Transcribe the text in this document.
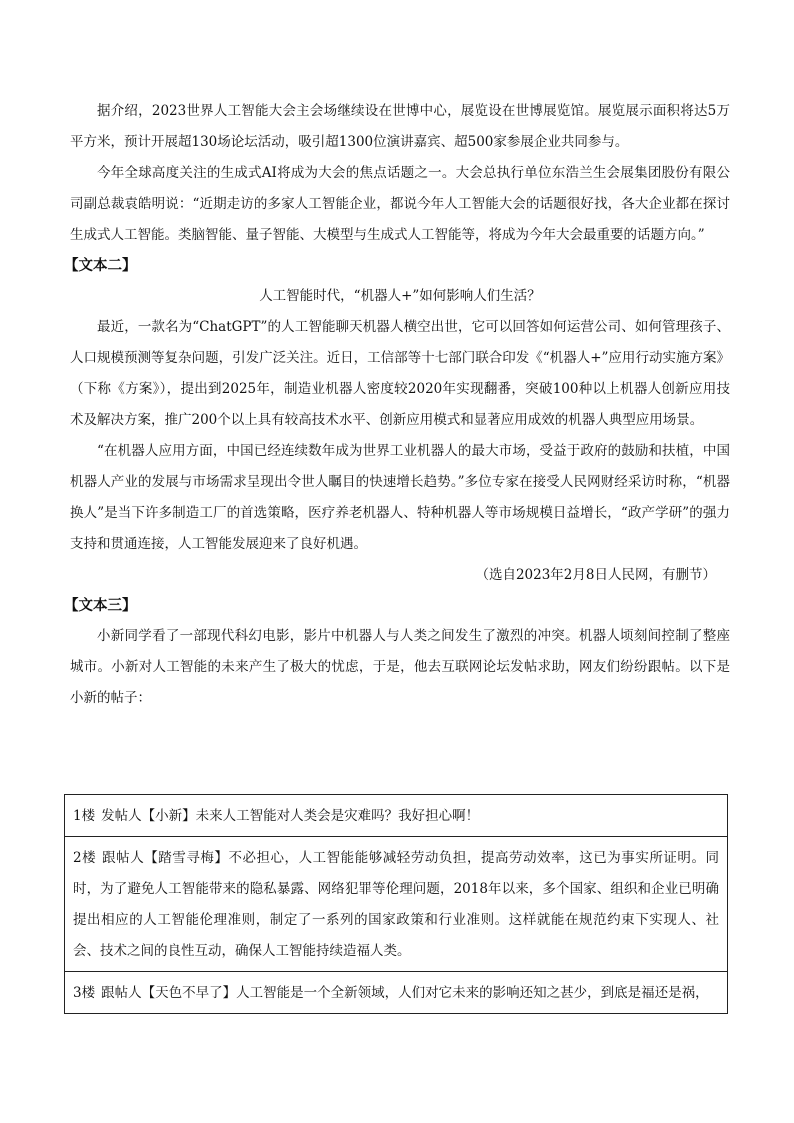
据介绍，2023世界人工智能大会主会场继续设在世博中心，展览设在世博展览馆。展览展示面积将达5万平方米，预计开展超130场论坛活动，吸引超1300位演讲嘉宾、超500家参展企业共同参与。

今年全球高度关注的生成式AI将成为大会的焦点话题之一。大会总执行单位东浩兰生会展集团股份有限公司副总裁袁皓明说：“近期走访的多家人工智能企业，都说今年人工智能大会的话题很好找，各大企业都在探讨生成式人工智能。类脑智能、量子智能、大模型与生成式人工智能等，将成为今年大会最重要的话题方向。”

【文本二】

人工智能时代，“机器人+”如何影响人们生活？

最近，一款名为“ChatGPT”的人工智能聊天机器人横空出世，它可以回答如何运营公司、如何管理孩子、人口规模预测等复杂问题，引发广泛关注。近日，工信部等十七部门联合印发《“机器人+”应用行动实施方案》（下称《方案》），提出到2025年，制造业机器人密度较2020年实现翻番，突破100种以上机器人创新应用技术及解决方案，推广200个以上具有较高技术水平、创新应用模式和显著应用成效的机器人典型应用场景。

“在机器人应用方面，中国已经连续数年成为世界工业机器人的最大市场，受益于政府的鼓励和扶植，中国机器人产业的发展与市场需求呈现出令世人瞩目的快速增长趋势。”多位专家在接受人民网财经采访时称，“机器换人”是当下许多制造工厂的首选策略，医疗养老机器人、特种机器人等市场规模日益增长，“政产学研”的强力支持和贯通连接，人工智能发展迎来了良好机遇。

（选自2023年2月8日人民网，有删节）

【文本三】

小新同学看了一部现代科幻电影，影片中机器人与人类之间发生了激烈的冲突。机器人顷刻间控制了整座城市。小新对人工智能的未来产生了极大的忧虑，于是，他去互联网论坛发帖求助，网友们纷纷跟帖。以下是小新的帖子：

1楼 发帖人【小新】未来人工智能对人类会是灾难吗？我好担心啊！
2楼 跟帖人【踏雪寻梅】不必担心，人工智能能够减轻劳动负担，提高劳动效率，这已为事实所证明。同时，为了避免人工智能带来的隐私暴露、网络犯罪等伦理问题，2018年以来，多个国家、组织和企业已明确提出相应的人工智能伦理准则，制定了一系列的国家政策和行业准则。这样就能在规范约束下实现人、社会、技术之间的良性互动，确保人工智能持续造福人类。
3楼 跟帖人【天色不早了】人工智能是一个全新领域，人们对它未来的影响还知之甚少，到底是福还是祸，
